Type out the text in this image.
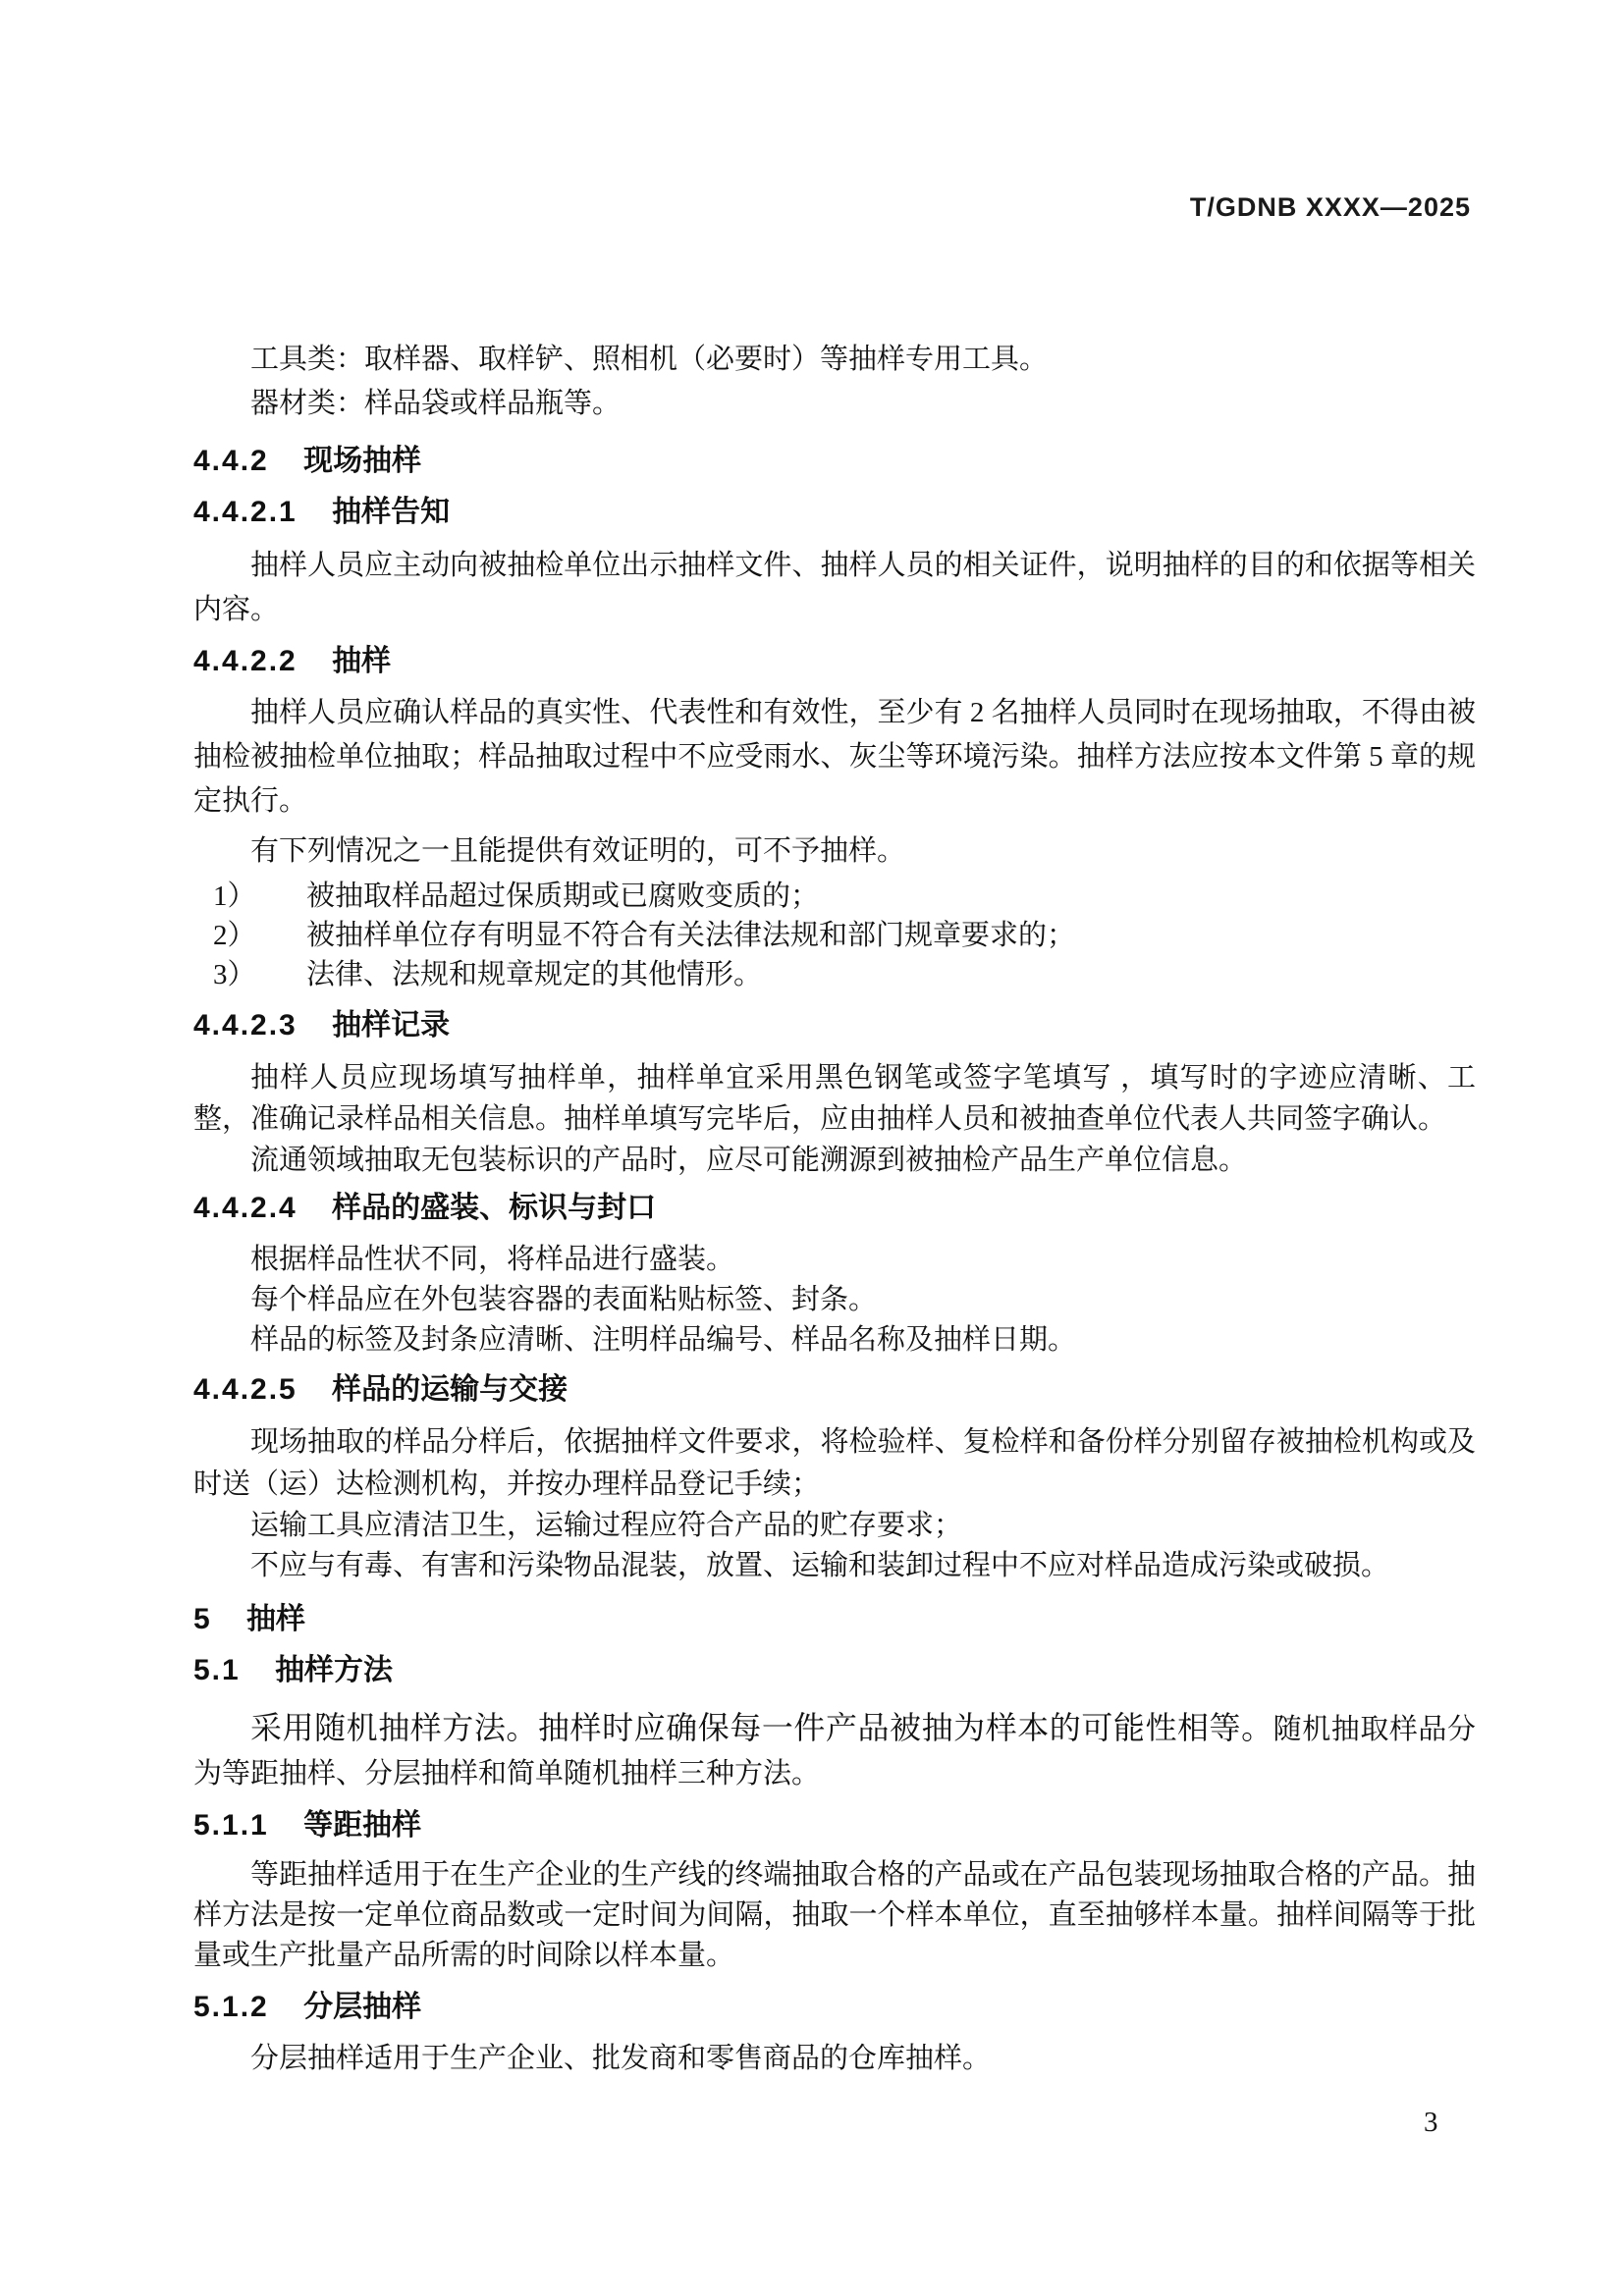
T/GDNB XXXX—2025

工具类：取样器、取样铲、照相机（必要时）等抽样专用工具。

器材类：样品袋或样品瓶等。

4.4.2 现场抽样
4.4.2.1 抽样告知

抽样人员应主动向被抽检单位出示抽样文件、抽样人员的相关证件，说明抽样的目的和依据等相关内容。

4.4.2.2 抽样

抽样人员应确认样品的真实性、代表性和有效性，至少有 2 名抽样人员同时在现场抽取，不得由被抽检被抽检单位抽取；样品抽取过程中不应受雨水、灰尘等环境污染。抽样方法应按本文件第 5 章的规定执行。

有下列情况之一且能提供有效证明的，可不予抽样。

1） 被抽取样品超过保质期或已腐败变质的；
2） 被抽样单位存有明显不符合有关法律法规和部门规章要求的；
3） 法律、法规和规章规定的其他情形。
4.4.2.3 抽样记录

抽样人员应现场填写抽样单，抽样单宜采用黑色钢笔或签字笔填写 ，填写时的字迹应清晰、工整，准确记录样品相关信息。抽样单填写完毕后，应由抽样人员和被抽查单位代表人共同签字确认。

流通领域抽取无包装标识的产品时，应尽可能溯源到被抽检产品生产单位信息。

4.4.2.4 样品的盛装、标识与封口

根据样品性状不同，将样品进行盛装。

每个样品应在外包装容器的表面粘贴标签、封条。

样品的标签及封条应清晰、注明样品编号、样品名称及抽样日期。

4.4.2.5 样品的运输与交接

现场抽取的样品分样后，依据抽样文件要求，将检验样、复检样和备份样分别留存被抽检机构或及时送（运）达检测机构，并按办理样品登记手续；

运输工具应清洁卫生，运输过程应符合产品的贮存要求；

不应与有毒、有害和污染物品混装，放置、运输和装卸过程中不应对样品造成污染或破损。

5 抽样
5.1 抽样方法

采用随机抽样方法。抽样时应确保每一件产品被抽为样本的可能性相等。随机抽取样品分为等距抽样、分层抽样和简单随机抽样三种方法。

5.1.1 等距抽样

等距抽样适用于在生产企业的生产线的终端抽取合格的产品或在产品包装现场抽取合格的产品。抽样方法是按一定单位商品数或一定时间为间隔，抽取一个样本单位，直至抽够样本量。抽样间隔等于批量或生产批量产品所需的时间除以样本量。

5.1.2 分层抽样

分层抽样适用于生产企业、批发商和零售商品的仓库抽样。

3
